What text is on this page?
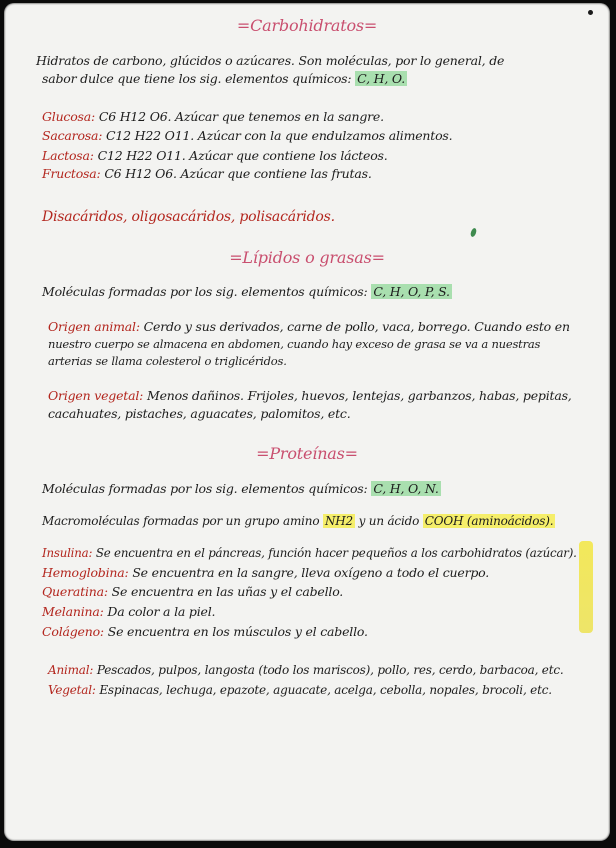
=Carbohidratos=
Hidratos de carbono, glúcidos o azúcares. Son moléculas, por lo general, de
sabor dulce que tiene los sig. elementos químicos: C, H, O.
Glucosa: C6 H12 O6. Azúcar que tenemos en la sangre.
Sacarosa: C12 H22 O11. Azúcar con la que endulzamos alimentos.
Lactosa: C12 H22 O11. Azúcar que contiene los lácteos.
Fructosa: C6 H12 O6. Azúcar que contiene las frutas.
Disacáridos, oligosacáridos, polisacáridos.
=Lípidos o grasas=
Moléculas formadas por los sig. elementos químicos: C, H, O, P, S.
Origen animal: Cerdo y sus derivados, carne de pollo, vaca, borrego. Cuando esto en
nuestro cuerpo se almacena en abdomen, cuando hay exceso de grasa se va a nuestras
arterias se llama colesterol o triglicéridos.
Origen vegetal: Menos dañinos. Frijoles, huevos, lentejas, garbanzos, habas, pepitas,
cacahuates, pistaches, aguacates, palomitos, etc.
=Proteínas=
Moléculas formadas por los sig. elementos químicos: C, H, O, N.
Macromoléculas formadas por un grupo amino NH2 y un ácido COOH (aminoácidos).
Insulina: Se encuentra en el páncreas, función hacer pequeños a los carbohidratos (azúcar).
Hemoglobina: Se encuentra en la sangre, lleva oxígeno a todo el cuerpo.
Queratina: Se encuentra en las uñas y el cabello.
Melanina: Da color a la piel.
Colágeno: Se encuentra en los músculos y el cabello.
Animal: Pescados, pulpos, langosta (todo los mariscos), pollo, res, cerdo, barbacoa, etc.
Vegetal: Espinacas, lechuga, epazote, aguacate, acelga, cebolla, nopales, brocoli, etc.
